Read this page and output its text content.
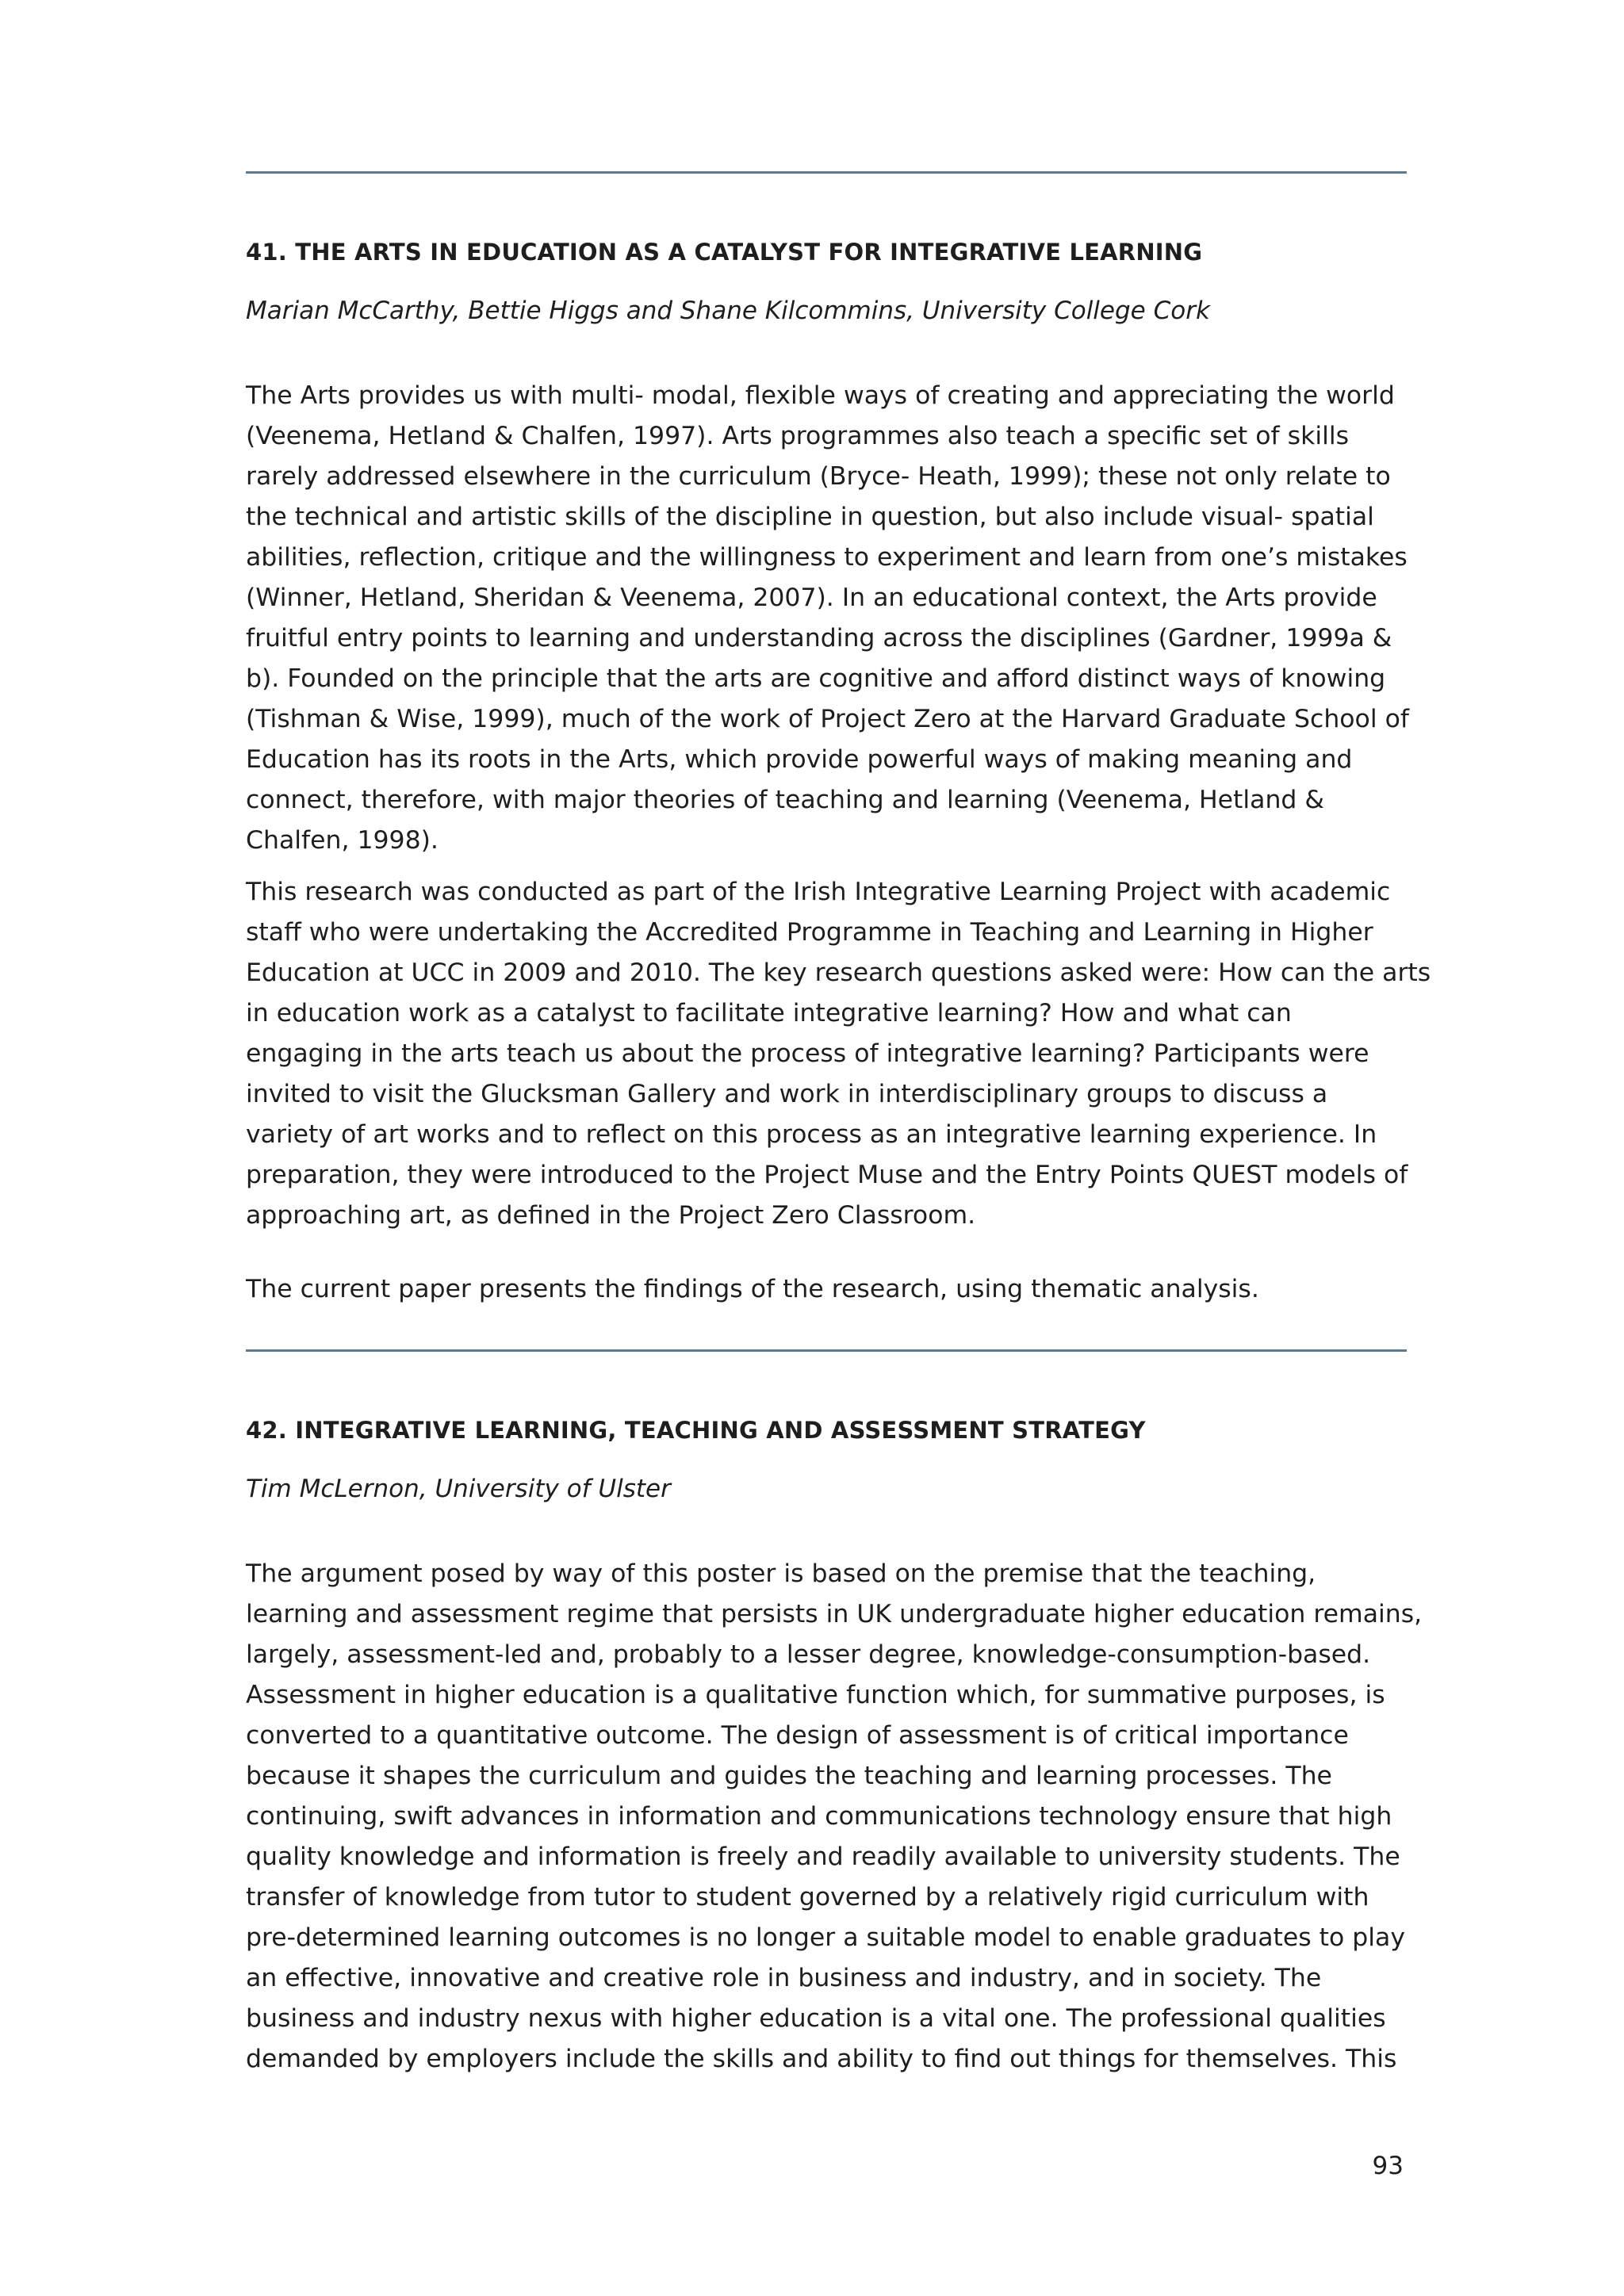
41. THE ARTS IN EDUCATION AS A CATALYST FOR INTEGRATIVE LEARNING

Marian McCarthy, Bettie Higgs and Shane Kilcommins, University College Cork

The Arts provides us with multi- modal, flexible ways of creating and appreciating the world
(Veenema, Hetland & Chalfen, 1997). Arts programmes also teach a specific set of skills
rarely addressed elsewhere in the curriculum (Bryce- Heath, 1999); these not only relate to
the technical and artistic skills of the discipline in question, but also include visual- spatial
abilities, reflection, critique and the willingness to experiment and learn from one’s mistakes
(Winner, Hetland, Sheridan & Veenema, 2007). In an educational context, the Arts provide
fruitful entry points to learning and understanding across the disciplines (Gardner, 1999a &
b). Founded on the principle that the arts are cognitive and afford distinct ways of knowing
(Tishman & Wise, 1999), much of the work of Project Zero at the Harvard Graduate School of
Education has its roots in the Arts, which provide powerful ways of making meaning and
connect, therefore, with major theories of teaching and learning (Veenema, Hetland &
Chalfen, 1998).
This research was conducted as part of the Irish Integrative Learning Project with academic
staff who were undertaking the Accredited Programme in Teaching and Learning in Higher
Education at UCC in 2009 and 2010. The key research questions asked were: How can the arts
in education work as a catalyst to facilitate integrative learning? How and what can
engaging in the arts teach us about the process of integrative learning? Participants were
invited to visit the Glucksman Gallery and work in interdisciplinary groups to discuss a
variety of art works and to reflect on this process as an integrative learning experience. In
preparation, they were introduced to the Project Muse and the Entry Points QUEST models of
approaching art, as defined in the Project Zero Classroom.
The current paper presents the findings of the research, using thematic analysis.
42. INTEGRATIVE LEARNING, TEACHING AND ASSESSMENT STRATEGY

Tim McLernon, University of Ulster

The argument posed by way of this poster is based on the premise that the teaching,
learning and assessment regime that persists in UK undergraduate higher education remains,
largely, assessment-led and, probably to a lesser degree, knowledge-consumption-based.
Assessment in higher education is a qualitative function which, for summative purposes, is
converted to a quantitative outcome. The design of assessment is of critical importance
because it shapes the curriculum and guides the teaching and learning processes. The
continuing, swift advances in information and communications technology ensure that high
quality knowledge and information is freely and readily available to university students. The
transfer of knowledge from tutor to student governed by a relatively rigid curriculum with
pre-determined learning outcomes is no longer a suitable model to enable graduates to play
an effective, innovative and creative role in business and industry, and in society. The
business and industry nexus with higher education is a vital one. The professional qualities
demanded by employers include the skills and ability to find out things for themselves. This
93
